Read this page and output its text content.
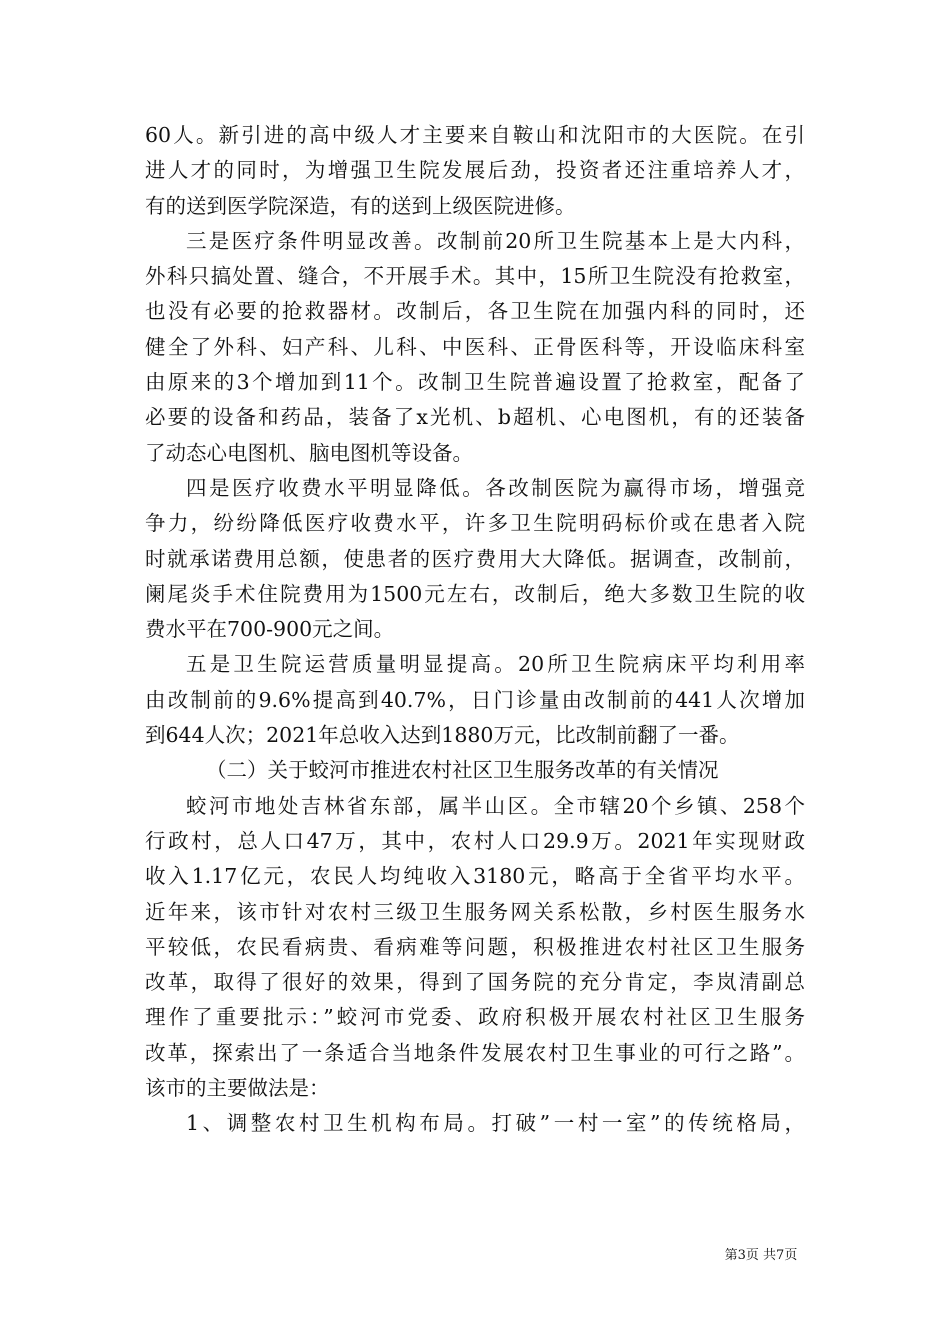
60人。新引进的高中级人才主要来自鞍山和沈阳市的大医院。在引
进人才的同时，为增强卫生院发展后劲，投资者还注重培养人才，
有的送到医学院深造，有的送到上级医院进修。
三是医疗条件明显改善。改制前20所卫生院基本上是大内科，
外科只搞处置、缝合，不开展手术。其中，15所卫生院没有抢救室，
也没有必要的抢救器材。改制后，各卫生院在加强内科的同时，还
健全了外科、妇产科、儿科、中医科、正骨医科等，开设临床科室
由原来的3个增加到11个。改制卫生院普遍设置了抢救室，配备了
必要的设备和药品，装备了x光机、b超机、心电图机，有的还装备
了动态心电图机、脑电图机等设备。
四是医疗收费水平明显降低。各改制医院为赢得市场，增强竞
争力，纷纷降低医疗收费水平，许多卫生院明码标价或在患者入院
时就承诺费用总额，使患者的医疗费用大大降低。据调查，改制前，
阑尾炎手术住院费用为1500元左右，改制后，绝大多数卫生院的收
费水平在700-900元之间。
五是卫生院运营质量明显提高。20所卫生院病床平均利用率
由改制前的9.6%提高到40.7%，日门诊量由改制前的441人次增加
到644人次；2021年总收入达到1880万元，比改制前翻了一番。
（二）关于蛟河市推进农村社区卫生服务改革的有关情况
蛟河市地处吉林省东部，属半山区。全市辖20个乡镇、258个
行政村，总人口47万，其中，农村人口29.9万。2021年实现财政
收入1.17亿元，农民人均纯收入3180元，略高于全省平均水平。
近年来，该市针对农村三级卫生服务网关系松散，乡村医生服务水
平较低，农民看病贵、看病难等问题，积极推进农村社区卫生服务
改革，取得了很好的效果，得到了国务院的充分肯定，李岚清副总
理作了重要批示：”蛟河市党委、政府积极开展农村社区卫生服务
改革，探索出了一条适合当地条件发展农村卫生事业的可行之路”。
该市的主要做法是：
1、调整农村卫生机构布局。打破”一村一室”的传统格局，
第3页 共7页
